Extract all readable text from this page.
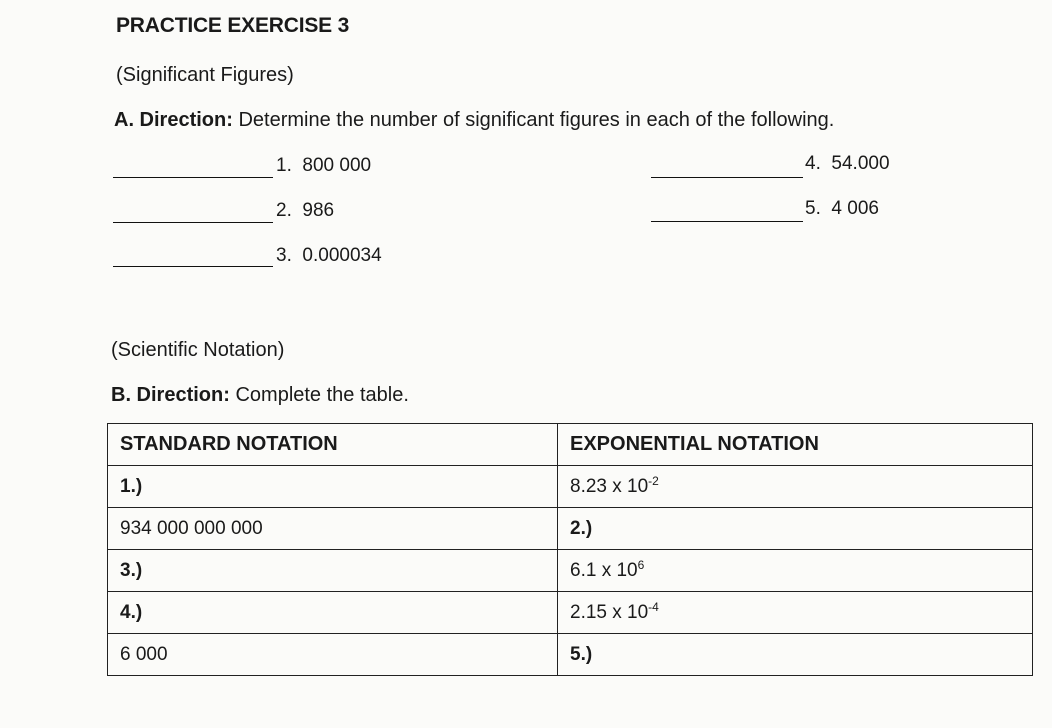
PRACTICE EXERCISE 3
(Significant Figures)
A. Direction: Determine the number of significant figures in each of the following.
1. 800 000
2. 986
3. 0.000034
4. 54.000
5. 4 006
(Scientific Notation)
B. Direction: Complete the table.
STANDARD NOTATION	EXPONENTIAL NOTATION
1.)	8.23 x $10^{-2}$
934 000 000 000	2.)
3.)	6.1 x $10^6$
4.)	2.15 x $10^{-4}$
6 000	5.)
